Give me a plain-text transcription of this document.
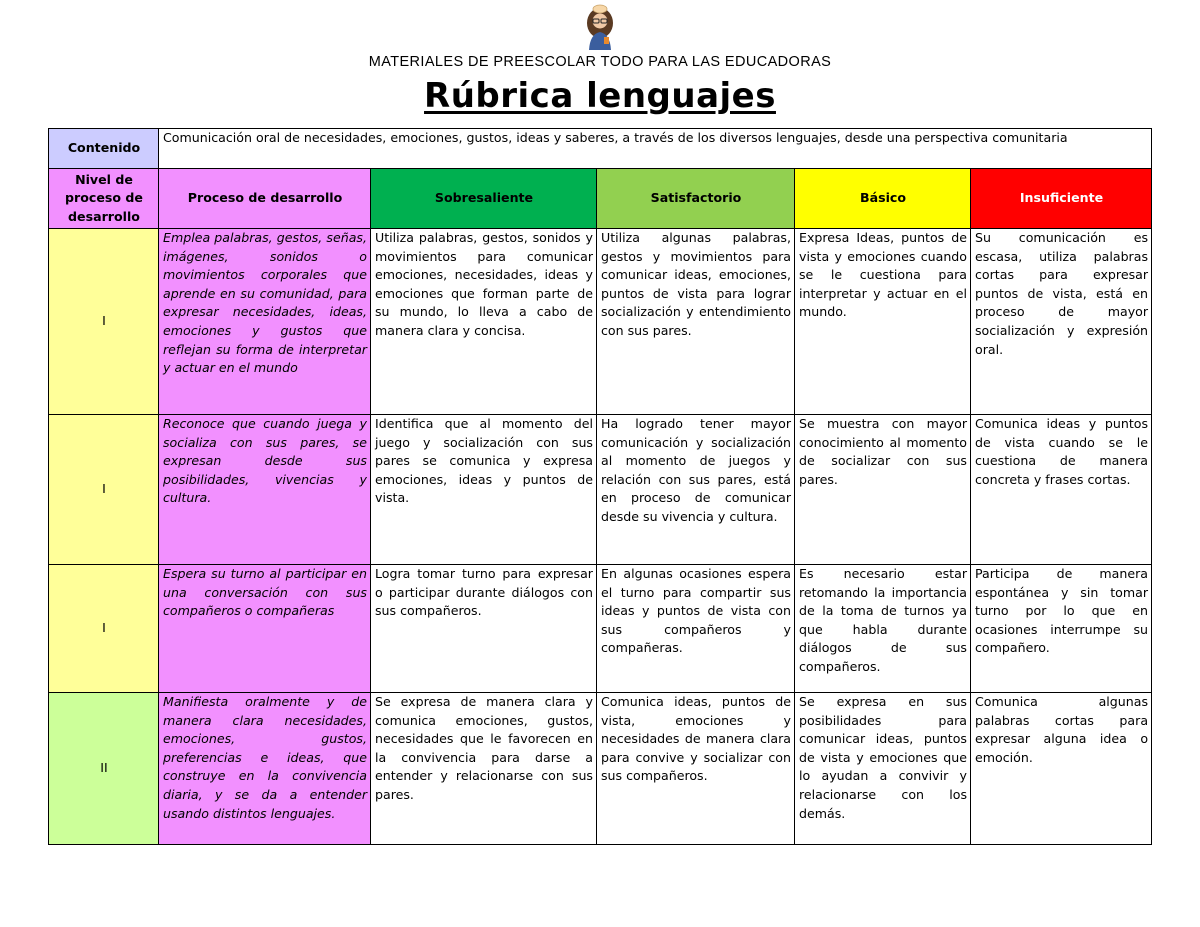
MATERIALES DE PREESCOLAR TODO PARA LAS EDUCADORAS
Rúbrica lenguajes
Contenido	Comunicación oral de necesidades, emociones, gustos, ideas y saberes, a través de los diversos lenguajes, desde una perspectiva comunitaria				
Nivel de proceso de desarrollo	Proceso de desarrollo	Sobresaliente	Satisfactorio	Básico	Insuficiente
I	Emplea palabras, gestos, señas, imágenes, sonidos o movimientos corporales que aprende en su comunidad, para expresar necesidades, ideas, emociones y gustos que reflejan su forma de interpretar y actuar en el mundo	Utiliza palabras, gestos, sonidos y movimientos para comunicar emociones, necesidades, ideas y emociones que forman parte de su mundo, lo lleva a cabo de manera clara y concisa.	Utiliza algunas palabras, gestos y movimientos para comunicar ideas, emociones, puntos de vista para lograr socialización y entendimiento con sus pares.	Expresa Ideas, puntos de vista y emociones cuando se le cuestiona para interpretar y actuar en el mundo.	Su comunicación es escasa, utiliza palabras cortas para expresar puntos de vista, está en proceso de mayor socialización y expresión oral.
I	Reconoce que cuando juega y socializa con sus pares, se expresan desde sus posibilidades, vivencias y cultura.	Identifica que al momento del juego y socialización con sus pares se comunica y expresa emociones, ideas y puntos de vista.	Ha logrado tener mayor comunicación y socialización al momento de juegos y relación con sus pares, está en proceso de comunicar desde su vivencia y cultura.	Se muestra con mayor conocimiento al momento de socializar con sus pares.	Comunica ideas y puntos de vista cuando se le cuestiona de manera concreta y frases cortas.
I	Espera su turno al participar en una conversación con sus compañeros o compañeras	Logra tomar turno para expresar o participar durante diálogos con sus compañeros.	En algunas ocasiones espera el turno para compartir sus ideas y puntos de vista con sus compañeros y compañeras.	Es necesario estar retomando la importancia de la toma de turnos ya que habla durante diálogos de sus compañeros.	Participa de manera espontánea y sin tomar turno por lo que en ocasiones interrumpe su compañero.
II	Manifiesta oralmente y de manera clara necesidades, emociones, gustos, preferencias e ideas, que construye en la convivencia diaria, y se da a entender usando distintos lenguajes.	Se expresa de manera clara y comunica emociones, gustos, necesidades que le favorecen en la convivencia para darse a entender y relacionarse con sus pares.	Comunica ideas, puntos de vista, emociones y necesidades de manera clara para convive y socializar con sus compañeros.	Se expresa en sus posibilidades para comunicar ideas, puntos de vista y emociones que lo ayudan a convivir y relacionarse con los demás.	Comunica algunas palabras cortas para expresar alguna idea o emoción.
